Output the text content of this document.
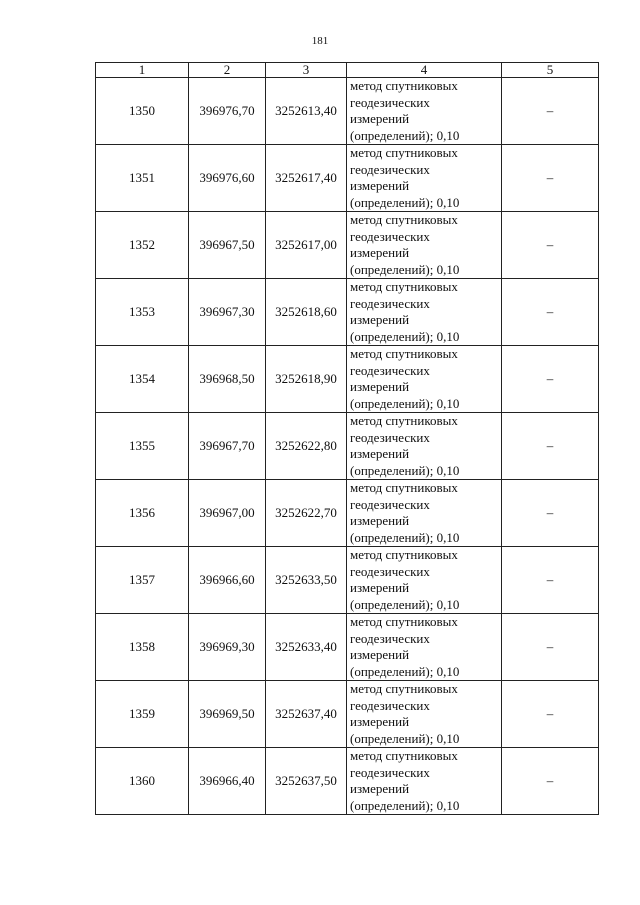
181
1	2	3	4	5
1350	396976,70	3252613,40	метод спутниковых геодезических измерений (определений); 0,10	–
1351	396976,60	3252617,40	метод спутниковых геодезических измерений (определений); 0,10	–
1352	396967,50	3252617,00	метод спутниковых геодезических измерений (определений); 0,10	–
1353	396967,30	3252618,60	метод спутниковых геодезических измерений (определений); 0,10	–
1354	396968,50	3252618,90	метод спутниковых геодезических измерений (определений); 0,10	–
1355	396967,70	3252622,80	метод спутниковых геодезических измерений (определений); 0,10	–
1356	396967,00	3252622,70	метод спутниковых геодезических измерений (определений); 0,10	–
1357	396966,60	3252633,50	метод спутниковых геодезических измерений (определений); 0,10	–
1358	396969,30	3252633,40	метод спутниковых геодезических измерений (определений); 0,10	–
1359	396969,50	3252637,40	метод спутниковых геодезических измерений (определений); 0,10	–
1360	396966,40	3252637,50	метод спутниковых геодезических измерений (определений); 0,10	–
